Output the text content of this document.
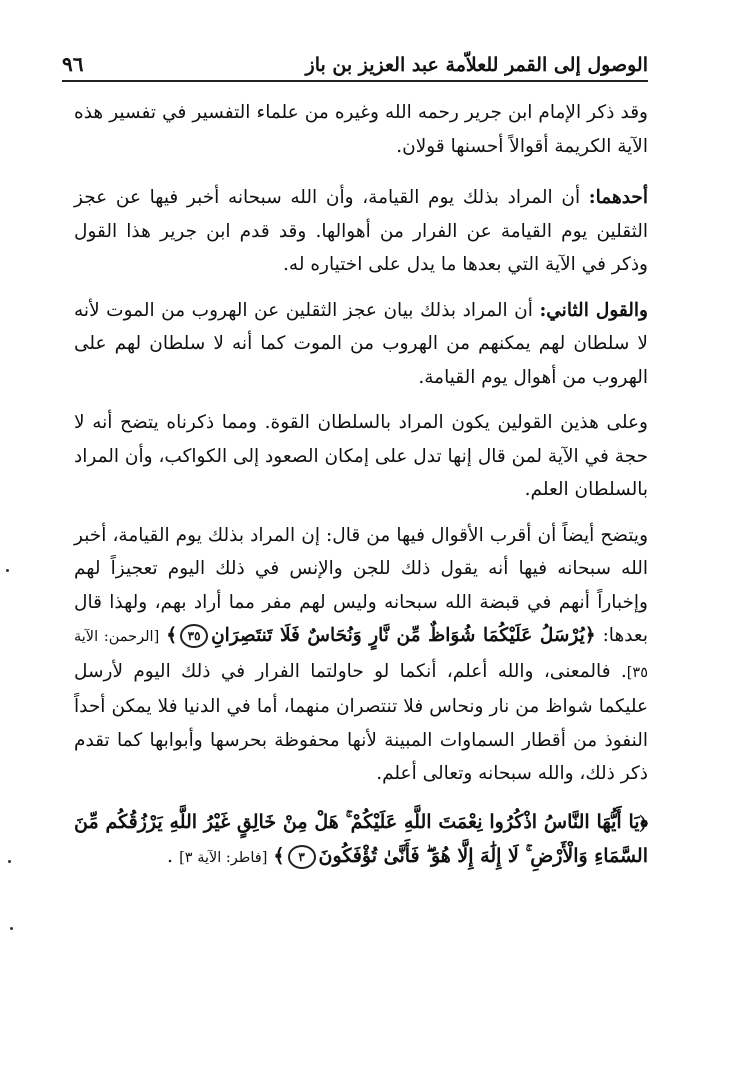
الوصول إلى القمر للعلاّمة عبد العزيز بن باز
٩٦

وقد ذكر الإمام ابن جرير رحمه الله وغيره من علماء التفسير في تفسير هذه الآية الكريمة أقوالاً أحسنها قولان.

أحدهما: أن المراد بذلك يوم القيامة، وأن الله سبحانه أخبر فيها عن عجز الثقلين يوم القيامة عن الفرار من أهوالها. وقد قدم ابن جرير هذا القول وذكر في الآية التي بعدها ما يدل على اختياره له.

والقول الثاني: أن المراد بذلك بيان عجز الثقلين عن الهروب من الموت لأنه لا سلطان لهم يمكنهم من الهروب من الموت كما أنه لا سلطان لهم على الهروب من أهوال يوم القيامة.

وعلى هذين القولين يكون المراد بالسلطان القوة. ومما ذكرناه يتضح أنه لا حجة في الآية لمن قال إنها تدل على إمكان الصعود إلى الكواكب، وأن المراد بالسلطان العلم.

ويتضح أيضاً أن أقرب الأقوال فيها من قال: إن المراد بذلك يوم القيامة، أخبر الله سبحانه فيها أنه يقول ذلك للجن والإنس في ذلك اليوم تعجيزاً لهم وإخباراً أنهم في قبضة الله سبحانه وليس لهم مفر مما أراد بهم، ولهذا قال بعدها: ﴿يُرْسَلُ عَلَيْكُمَا شُوَاظٌ مِّن نَّارٍ وَنُحَاسٌ فَلَا تَنتَصِرَانِ٣٥﴾ [الرحمن: الآية ٣٥]. فالمعنى، والله أعلم، أنكما لو حاولتما الفرار في ذلك اليوم لأرسل عليكما شواظ من نار ونحاس فلا تنتصران منهما، أما في الدنيا فلا يمكن أحداً النفوذ من أقطار السماوات المبينة لأنها محفوظة بحرسها وأبوابها كما تقدم ذكر ذلك، والله سبحانه وتعالى أعلم.

﴿يَا أَيُّهَا النَّاسُ اذْكُرُوا نِعْمَتَ اللَّهِ عَلَيْكُمْ ۚ هَلْ مِنْ خَالِقٍ غَيْرُ اللَّهِ يَرْزُقُكُم مِّنَ السَّمَاءِ وَالْأَرْضِ ۚ لَا إِلَٰهَ إِلَّا هُوَ ۖ فَأَنَّىٰ تُؤْفَكُونَ٣﴾ [فاطر: الآية ٣] .
